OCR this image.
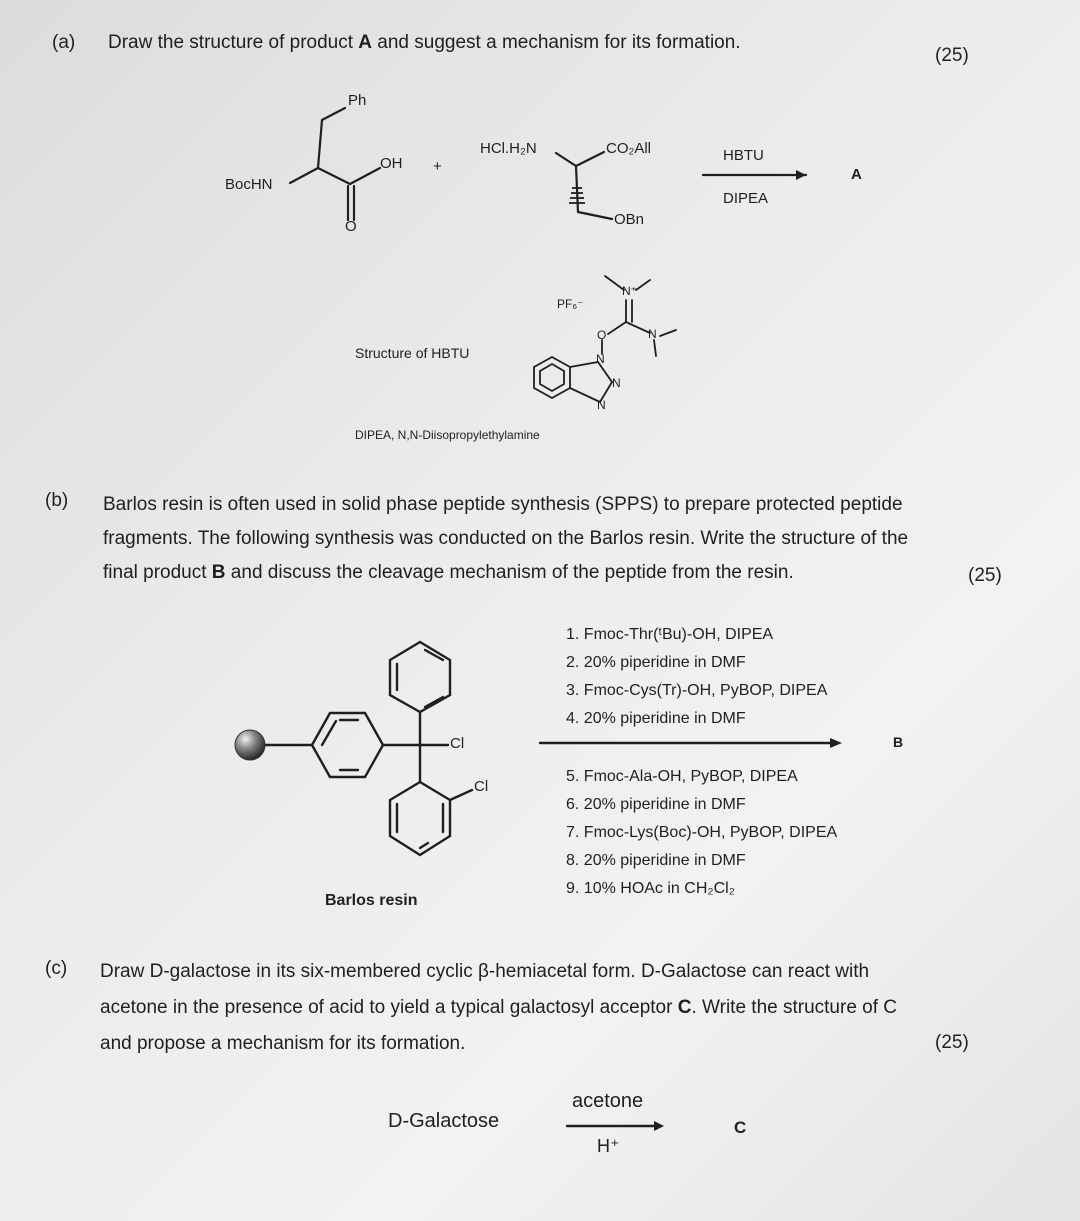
(a) Draw the structure of product A and suggest a mechanism for its formation.
(25)
Ph
OH +
BocHN
O
HCl.H₂N	CO₂All
OBn
HBTU
DIPEA
A
Structure of HBTU
PF₆⁻
N⁺
N
O
N
N
N
DIPEA, N,N-Diisopropylethylamine
(b) Barlos resin is often used in solid phase peptide synthesis (SPPS) to prepare protected peptide
fragments. The following synthesis was conducted on the Barlos resin. Write the structure of the
final product B and discuss the cleavage mechanism of the peptide from the resin.	(25)
Cl
Cl
Barlos resin
1. Fmoc-Thr(ᵗBu)-OH, DIPEA
2. 20% piperidine in DMF
3. Fmoc-Cys(Tr)-OH, PyBOP, DIPEA
4. 20% piperidine in DMF
B
5. Fmoc-Ala-OH, PyBOP, DIPEA
6. 20% piperidine in DMF
7. Fmoc-Lys(Boc)-OH, PyBOP, DIPEA
8. 20% piperidine in DMF
9. 10% HOAc in CH₂Cl₂
(c) Draw D-galactose in its six-membered cyclic β-hemiacetal form. D-Galactose can react with
acetone in the presence of acid to yield a typical galactosyl acceptor C. Write the structure of C
and propose a mechanism for its formation.	(25)
D-Galactose
acetone
H⁺
C
